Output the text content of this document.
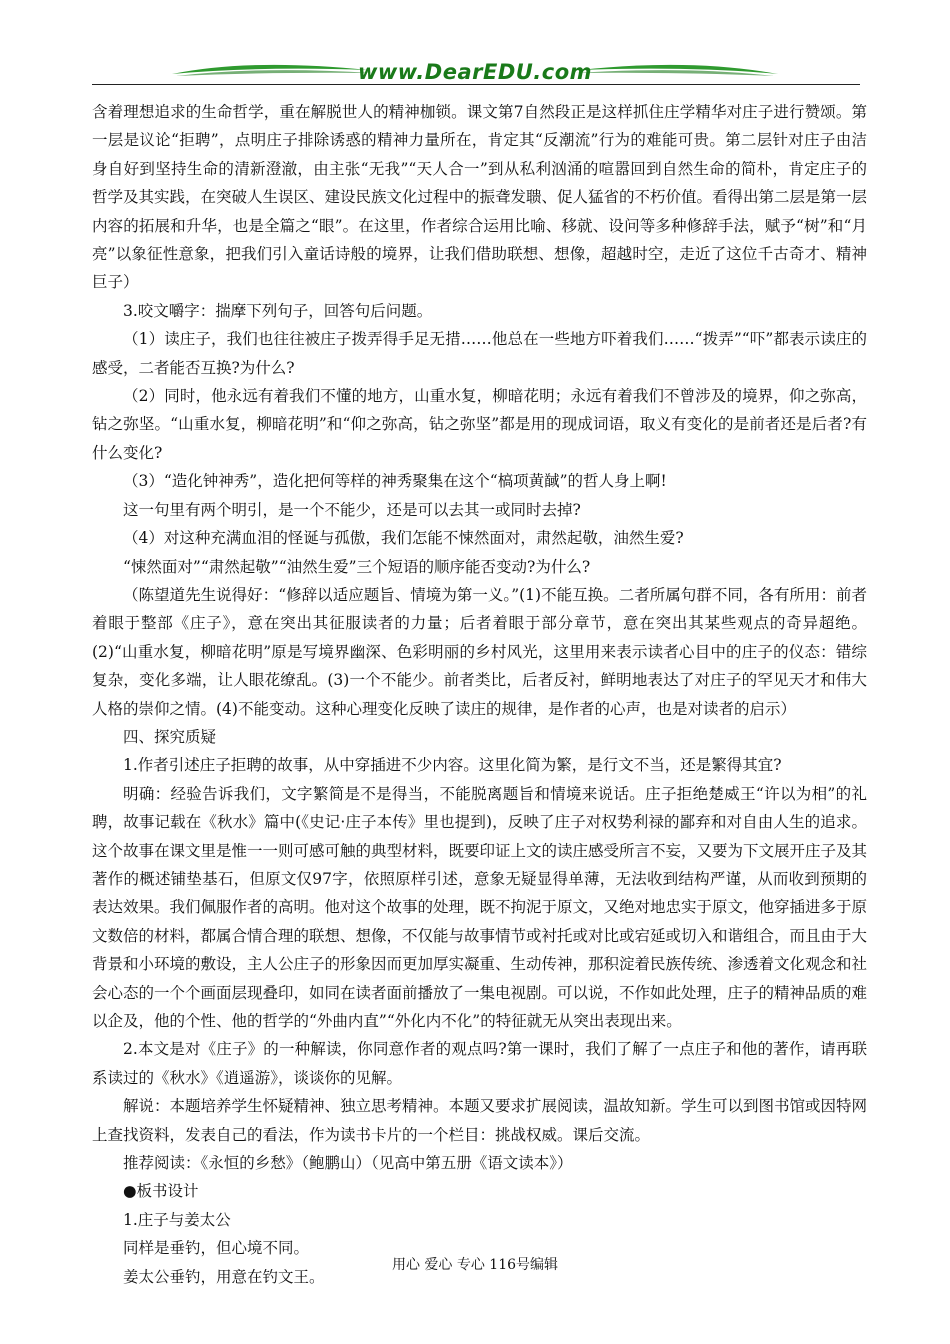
www.DearEDU.com

含着理想追求的生命哲学，重在解脱世人的精神枷锁。课文第7自然段正是这样抓住庄学精华对庄子进行赞颂。第一层是议论“拒聘”，点明庄子排除诱惑的精神力量所在，肯定其“反潮流”行为的难能可贵。第二层针对庄子由洁身自好到坚持生命的清新澄澈，由主张“无我”“天人合一”到从私利汹涌的喧嚣回到自然生命的简朴，肯定庄子的哲学及其实践，在突破人生误区、建设民族文化过程中的振聋发聩、促人猛省的不朽价值。看得出第二层是第一层内容的拓展和升华，也是全篇之“眼”。在这里，作者综合运用比喻、移就、设问等多种修辞手法，赋予“树”和“月亮”以象征性意象，把我们引入童话诗般的境界，让我们借助联想、想像，超越时空，走近了这位千古奇才、精神巨子）

3.咬文嚼字：揣摩下列句子，回答句后问题。

（1）读庄子，我们也往往被庄子拨弄得手足无措……他总在一些地方吓着我们……“拨弄”“吓”都表示读庄的感受，二者能否互换?为什么?

（2）同时，他永远有着我们不懂的地方，山重水复，柳暗花明；永远有着我们不曾涉及的境界，仰之弥高，钻之弥坚。“山重水复，柳暗花明”和“仰之弥高，钻之弥坚”都是用的现成词语，取义有变化的是前者还是后者?有什么变化?

（3）“造化钟神秀”，造化把何等样的神秀聚集在这个“槁项黄馘”的哲人身上啊!

这一句里有两个明引，是一个不能少，还是可以去其一或同时去掉?

（4）对这种充满血泪的怪诞与孤傲，我们怎能不悚然面对，肃然起敬，油然生爱?

“悚然面对”“肃然起敬”“油然生爱”三个短语的顺序能否变动?为什么?

（陈望道先生说得好：“修辞以适应题旨、情境为第一义。”(1)不能互换。二者所属句群不同，各有所用：前者着眼于整部《庄子》，意在突出其征服读者的力量；后者着眼于部分章节，意在突出其某些观点的奇异超绝。(2)“山重水复，柳暗花明”原是写境界幽深、色彩明丽的乡村风光，这里用来表示读者心目中的庄子的仪态：错综复杂，变化多端，让人眼花缭乱。(3)一个不能少。前者类比，后者反衬，鲜明地表达了对庄子的罕见天才和伟大人格的崇仰之情。(4)不能变动。这种心理变化反映了读庄的规律，是作者的心声，也是对读者的启示）

四、探究质疑

1.作者引述庄子拒聘的故事，从中穿插进不少内容。这里化简为繁，是行文不当，还是繁得其宜?

明确：经验告诉我们，文字繁简是不是得当，不能脱离题旨和情境来说话。庄子拒绝楚威王“许以为相”的礼聘，故事记载在《秋水》篇中(《史记·庄子本传》里也提到)，反映了庄子对权势利禄的鄙弃和对自由人生的追求。这个故事在课文里是惟一一则可感可触的典型材料，既要印证上文的读庄感受所言不妄，又要为下文展开庄子及其著作的概述铺垫基石，但原文仅97字，依照原样引述，意象无疑显得单薄，无法收到结构严谨，从而收到预期的表达效果。我们佩服作者的高明。他对这个故事的处理，既不拘泥于原文，又绝对地忠实于原文，他穿插进多于原文数倍的材料，都属合情合理的联想、想像，不仅能与故事情节或衬托或对比或宕延或切入和谐组合，而且由于大背景和小环境的敷设，主人公庄子的形象因而更加厚实凝重、生动传神，那积淀着民族传统、渗透着文化观念和社会心态的一个个画面层现叠印，如同在读者面前播放了一集电视剧。可以说，不作如此处理，庄子的精神品质的难以企及，他的个性、他的哲学的“外曲内直”“外化内不化”的特征就无从突出表现出来。

2.本文是对《庄子》的一种解读，你同意作者的观点吗?第一课时，我们了解了一点庄子和他的著作，请再联系读过的《秋水》《逍遥游》，谈谈你的见解。

解说：本题培养学生怀疑精神、独立思考精神。本题又要求扩展阅读，温故知新。学生可以到图书馆或因特网上查找资料，发表自己的看法，作为读书卡片的一个栏目：挑战权威。课后交流。

推荐阅读：《永恒的乡愁》（鲍鹏山）（见高中第五册《语文读本》）

●板书设计

1.庄子与姜太公

同样是垂钓，但心境不同。

姜太公垂钓，用意在钓文王。

用心 爱心 专心 116号编辑
